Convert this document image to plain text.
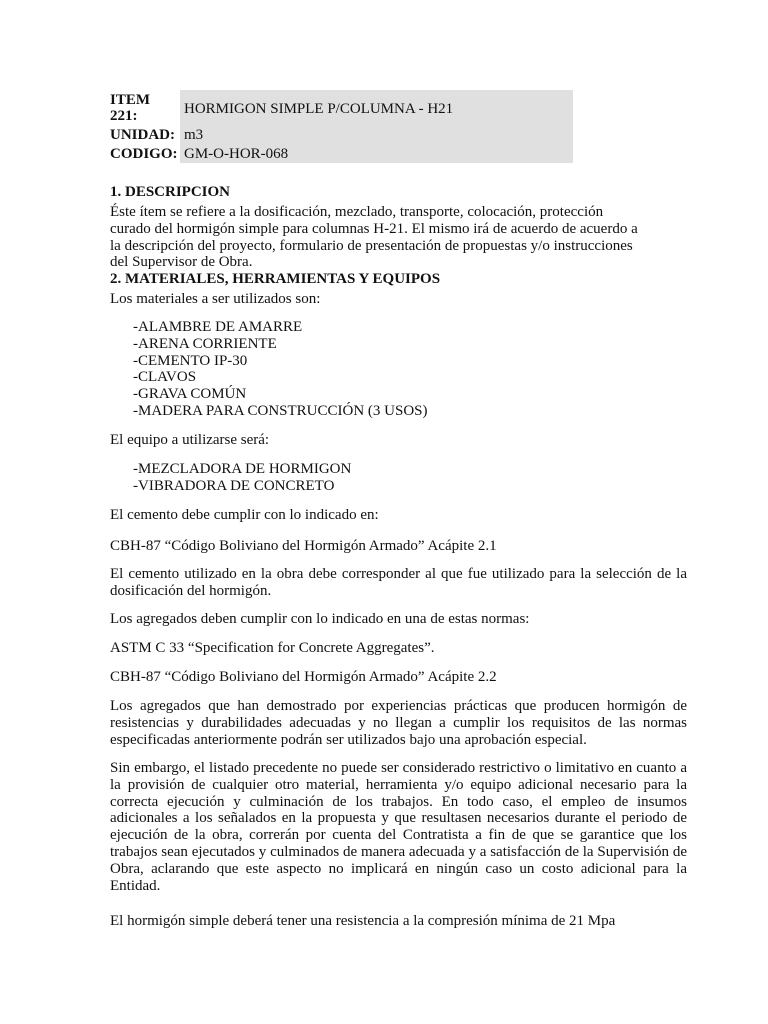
ITEM 221:	HORMIGON SIMPLE P/COLUMNA - H21
UNIDAD: m3
CODIGO: GM-O-HOR-068
1. DESCRIPCION
Éste ítem se refiere a la dosificación, mezclado, transporte, colocación, protección
curado del hormigón simple para columnas H-21. El mismo irá de acuerdo de acuerdo a
la descripción del proyecto, formulario de presentación de propuestas y/o instrucciones
del Supervisor de Obra.
2. MATERIALES, HERRAMIENTAS Y EQUIPOS
Los materiales a ser utilizados son:
-ALAMBRE DE AMARRE
-ARENA CORRIENTE
-CEMENTO IP-30
-CLAVOS
-GRAVA COMÚN
-MADERA PARA CONSTRUCCIÓN (3 USOS)
El equipo a utilizarse será:
-MEZCLADORA DE HORMIGON
-VIBRADORA DE CONCRETO
El cemento debe cumplir con lo indicado en:
CBH-87 “Código Boliviano del Hormigón Armado” Acápite 2.1
El cemento utilizado en la obra debe corresponder al que fue utilizado para la selección de la dosificación del hormigón.
Los agregados deben cumplir con lo indicado en una de estas normas:
ASTM C 33 “Specification for Concrete Aggregates”.
CBH-87 “Código Boliviano del Hormigón Armado” Acápite 2.2
Los agregados que han demostrado por experiencias prácticas que producen hormigón de resistencias y durabilidades adecuadas y no llegan a cumplir los requisitos de las normas especificadas anteriormente podrán ser utilizados bajo una aprobación especial.
Sin embargo, el listado precedente no puede ser considerado restrictivo o limitativo en cuanto a la provisión de cualquier otro material, herramienta y/o equipo adicional necesario para la correcta ejecución y culminación de los trabajos. En todo caso, el empleo de insumos adicionales a los señalados en la propuesta y que resultasen necesarios durante el periodo de ejecución de la obra, correrán por cuenta del Contratista a fin de que se garantice que los trabajos sean ejecutados y culminados de manera adecuada y a satisfacción de la Supervisión de Obra, aclarando que este aspecto no implicará en ningún caso un costo adicional para la Entidad.
El hormigón simple deberá tener una resistencia a la compresión mínima de 21 Mpa
